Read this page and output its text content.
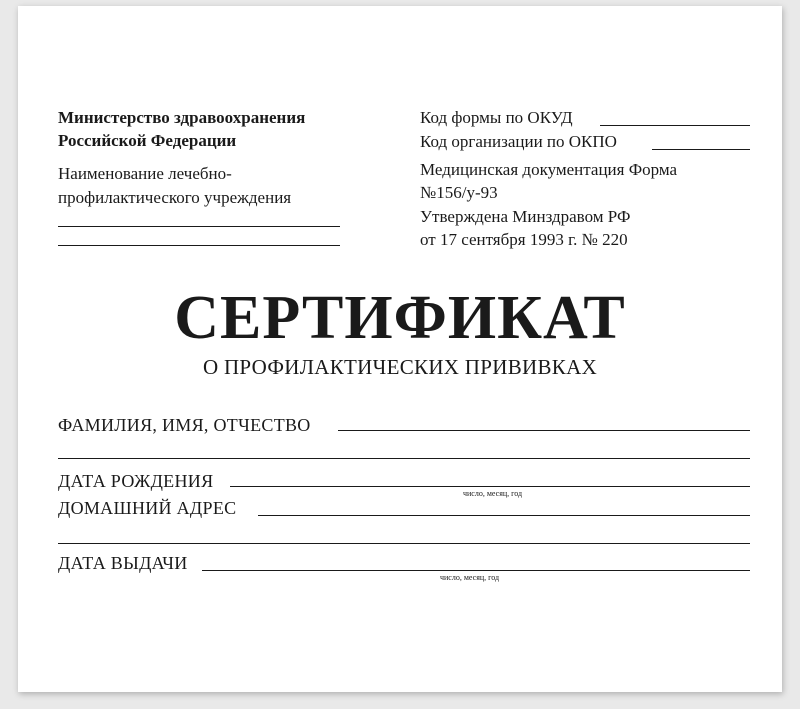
Министерство здравоохранения
Российской Федерации
Наименование лечебно-
профилактического учреждения
Код формы по ОКУД
Код организации по ОКПО
Медицинская документация Форма
№156/у-93
Утверждена Минздравом РФ
от 17 сентября 1993 г. № 220
СЕРТИФИКАТ
О ПРОФИЛАКТИЧЕСКИХ ПРИВИВКАХ
ФАМИЛИЯ, ИМЯ, ОТЧЕСТВО
ДАТА РОЖДЕНИЯ
число, месяц, год
ДОМАШНИЙ АДРЕС
ДАТА ВЫДАЧИ
число, месяц, год
